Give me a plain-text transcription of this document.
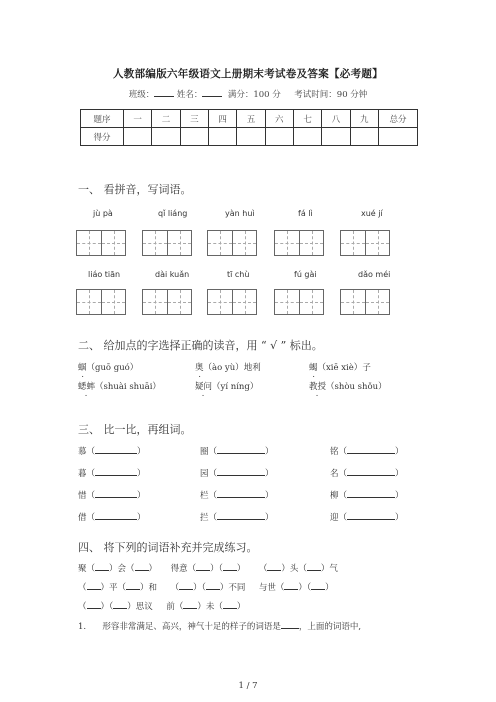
人教部编版六年级语文上册期末考试卷及答案【必考题】
班级：	姓名：	满分：100 分 考试时间：90 分钟
题序	一	二	三	四	五	六	七	八	九	总分
得分										
一、 看拼音，写词语。
jù pà	qǐ liáng	yàn huì	fá lì	xué jí
liáo tiān	dài kuǎn	tī chù	fú gài	dǎo méi
二、 给加点的字选择正确的读音，用 “ √ ” 标出。
蝈（guō guó）	奥（ào yù）地利	蝎（xiē xiè）子
蟋蟀（shuài shuāi）	疑问（yí níng）	教授（shòu shǒu）
三、 比一比，再组词。
慕（	）	圈（	）	铭（	）
暮（	）	园（	）	名（	）
惜（	）	栏（	）	柳（	）
借（	）	拦（	）	迎（	）
四、 将下列的词语补充并完成练习。
聚（ ）会（ ） 得意（ ）（ ） （ ）头（ ）气
（ ）平（ ）和 （ ）（ ）不同 与世（ ）（ ）
（ ）（ ）思议 前（ ）未（ ）
1. 形容非常满足、高兴，神气十足的样子的词语是 ，上面的词语中,
1 / 7
